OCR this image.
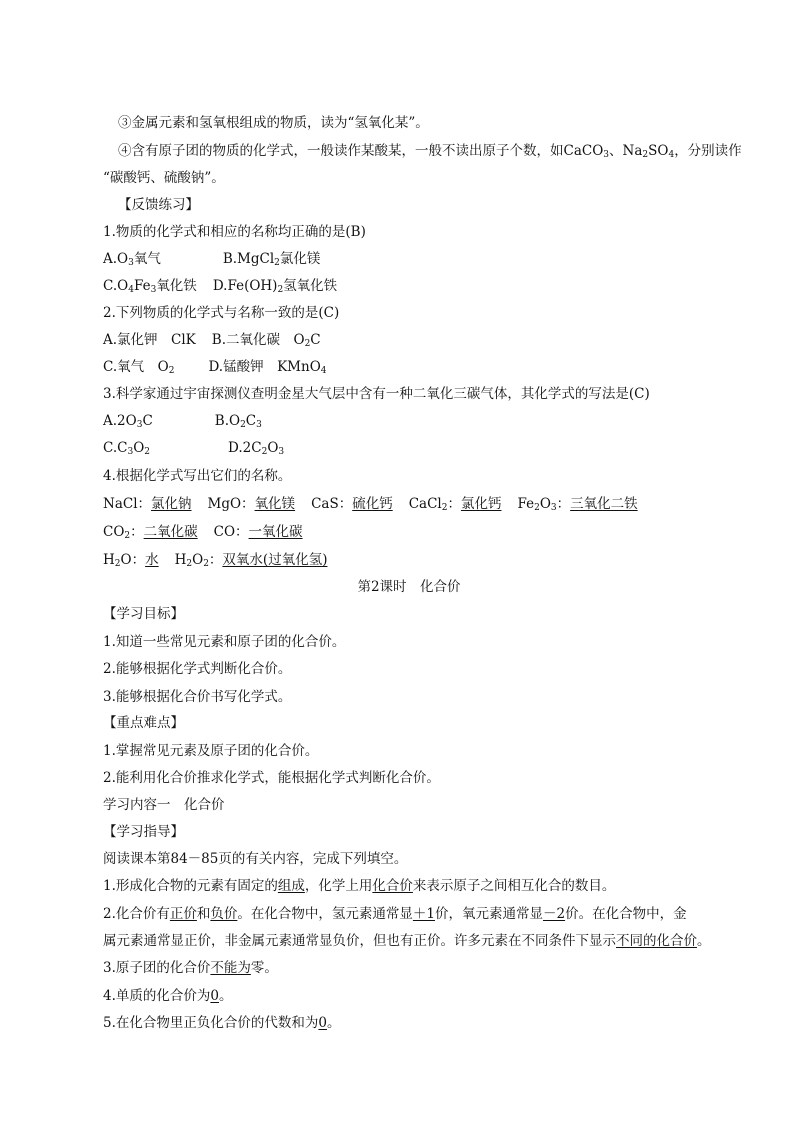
③金属元素和氢氧根组成的物质，读为“氢氧化某”。
④含有原子团的物质的化学式，一般读作某酸某，一般不读出原子个数，如CaCO$_3$、$Na_2SO_4$，分别读作
“碳酸钙、硫酸钠”。
【反馈练习】
1.物质的化学式和相应的名称均正确的是(B)
$A.O_3$氧气	B.MgCl$_2$氯化镁
$C.O_4Fe_3$氧化铁 $D.Fe(OH)_2$氢氧化铁
2.下列物质的化学式与名称一致的是(C)
A.氯化钾　ClK B.二氧化碳　$O_2C$
C.氧气　$O_2$	D.锰酸钾　KMnO$_4$
3.科学家通过宇宙探测仪查明金星大气层中含有一种二氧化三碳气体，其化学式的写法是(C)
$A.2O_3C$	$B.O_2C_3$
$C.C_3O_2$	$D.2C_2O_3$
4.根据化学式写出它们的名称。
NaCl：氯化钠 MgO：氧化镁 CaS：硫化钙 CaCl$_2$：氯化钙 $Fe_2O_3$：三氧化二铁
$CO_2$：二氧化碳 CO：一氧化碳
$H_2O$：水 $H_2O_2$：双氧水(过氧化氢)
第2课时　化合价
【学习目标】
1.知道一些常见元素和原子团的化合价。
2.能够根据化学式判断化合价。
3.能够根据化合价书写化学式。
【重点难点】
1.掌握常见元素及原子团的化合价。
2.能利用化合价推求化学式，能根据化学式判断化合价。
学习内容一　化合价
【学习指导】
阅读课本第84－85页的有关内容，完成下列填空。
1.形成化合物的元素有固定的组成，化学上用化合价来表示原子之间相互化合的数目。
2.化合价有正价和负价。在化合物中，氢元素通常显＋1价，氧元素通常显－2价。在化合物中，金
属元素通常显正价，非金属元素通常显负价，但也有正价。许多元素在不同条件下显示不同的化合价。
3.原子团的化合价不能为零。
4.单质的化合价为0。
5.在化合物里正负化合价的代数和为0。
